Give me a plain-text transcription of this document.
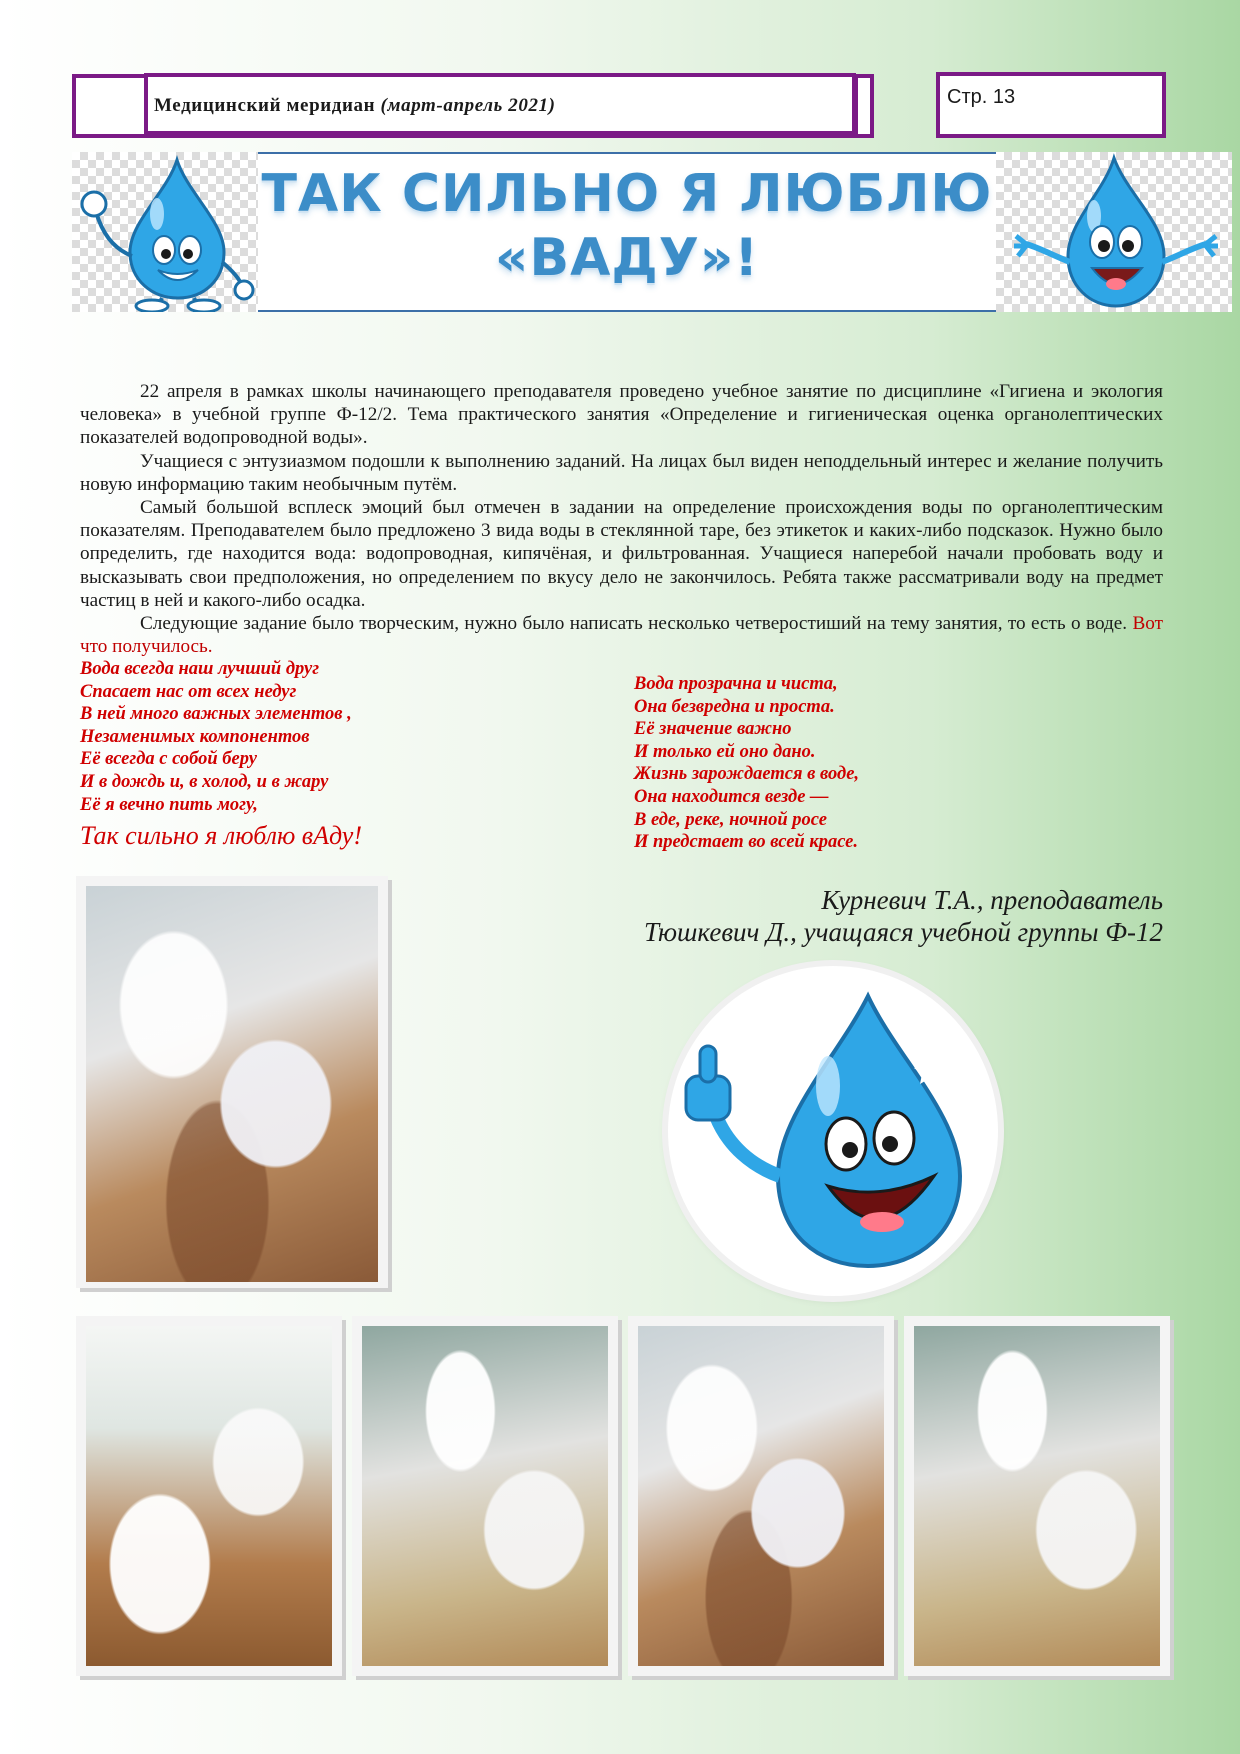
Медицинский меридиан (март-апрель 2021)	Стр. 13
ТАК СИЛЬНО Я ЛЮБЛЮ
«ВАДУ»!

22 апреля в рамках школы начинающего преподавателя проведено учебное занятие по дисциплине «Гигиена и экология человека» в учебной группе Ф-12/2. Тема практического занятия «Определение и гигиеническая оценка органолептических показателей водопроводной воды».

Учащиеся с энтузиазмом подошли к выполнению заданий. На лицах был виден неподдельный интерес и желание получить новую информацию таким необычным путём.

Самый большой всплеск эмоций был отмечен в задании на определение происхождения воды по органолептическим показателям. Преподавателем было предложено 3 вида воды в стеклянной таре, без этикеток и каких-либо подсказок. Нужно было определить, где находится вода: водопроводная, кипячёная, и фильтрованная. Учащиеся наперебой начали пробовать воду и высказывать свои предположения, но определением по вкусу дело не закончилось. Ребята также рассматривали воду на предмет частиц в ней и какого-либо осадка.

Следующие задание было творческим, нужно было написать несколько четверостиший на тему занятия, то есть о воде. Вот что получилось.

Вода всегда наш лучший друг
Спасает нас от всех недуг
В ней много важных элементов ,
Незаменимых компонентов
Её всегда с собой беру
И в дождь и, в холод, и в жару
Её я вечно пить могу,
Так сильно я люблю вАду!
Вода прозрачна и чиста,
Она безвредна и проста.
Её значение важно
И только ей оно дано.
Жизнь зарождается в воде,
Она находится везде —
В еде, реке, ночной росе
И предстает во всей красе.
Курневич Т.А., преподаватель
Тюшкевич Д., учащаяся учебной группы Ф-12
